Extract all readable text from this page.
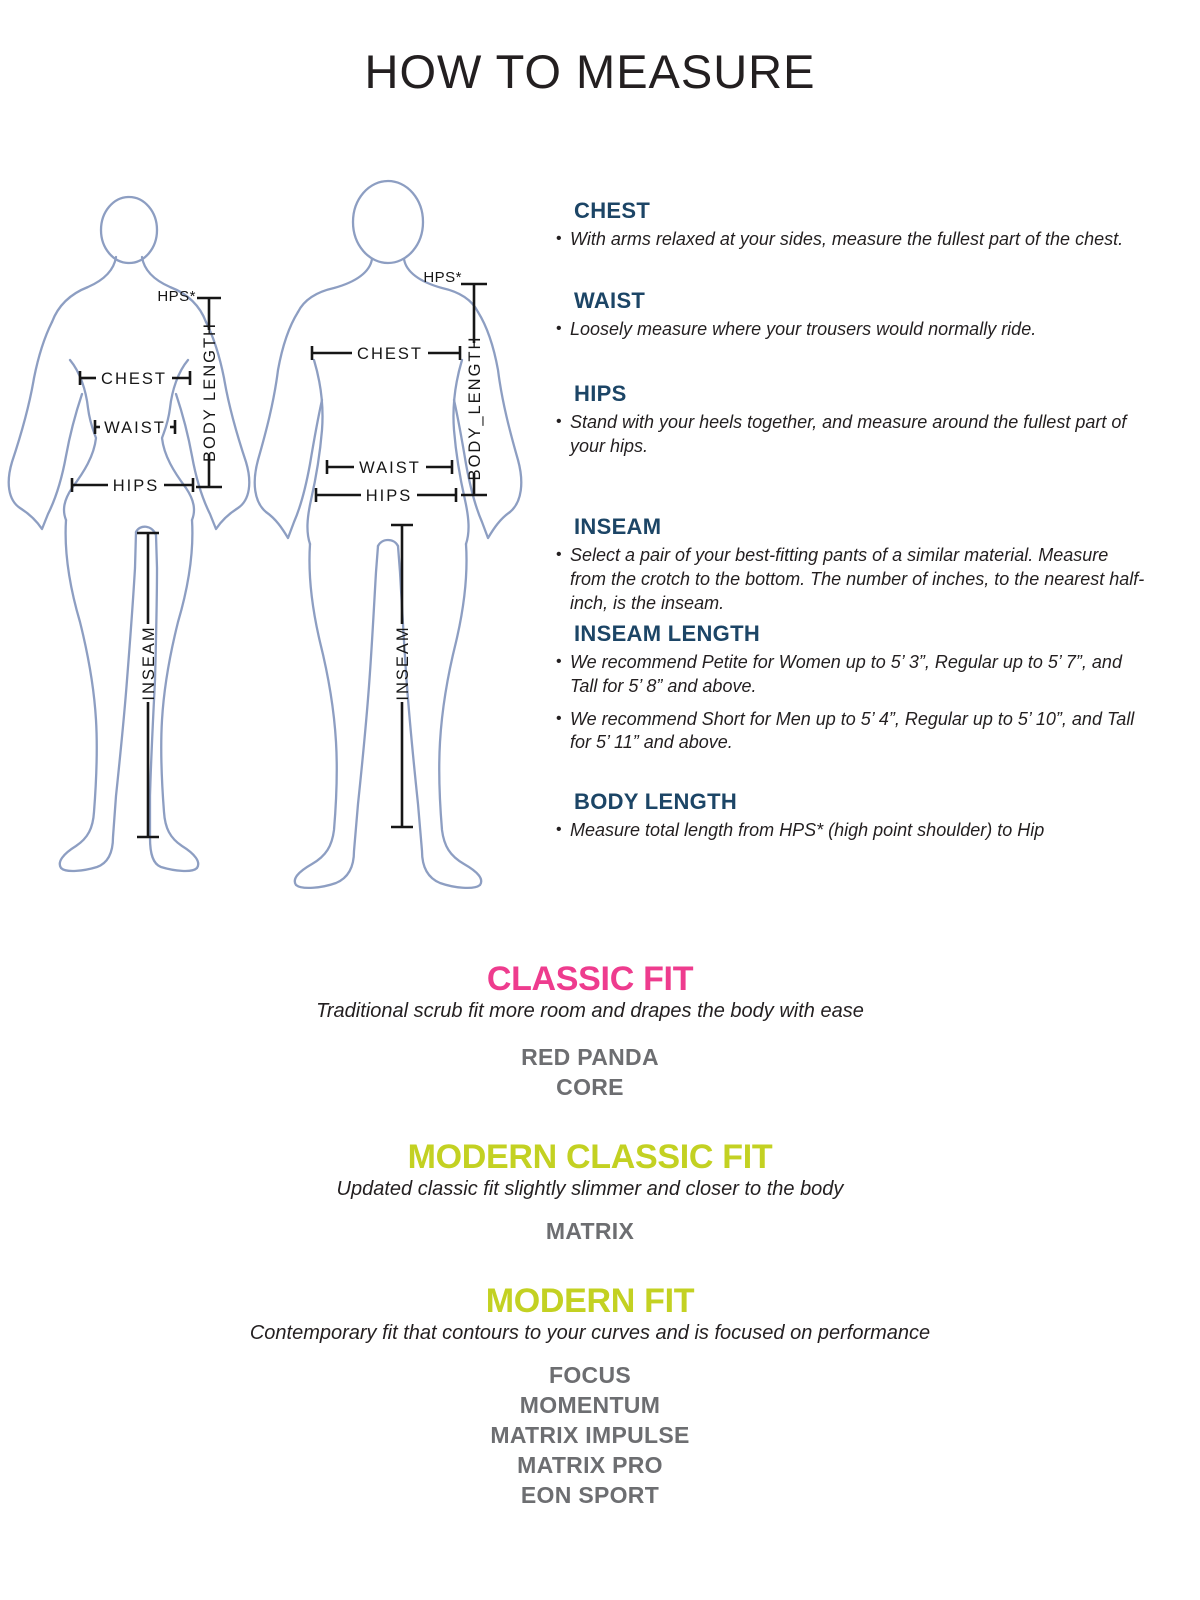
HOW TO MEASURE
HPS*
BODY LENGTH
CHEST
WAIST
HIPS
INSEAM
HPS*
BODY_LENGTH
CHEST
WAIST
HIPS
INSEAM
CHEST
• With arms relaxed at your sides, measure the fullest part of the chest.
WAIST
• Loosely measure where your trousers would normally ride.
HIPS
• Stand with your heels together, and measure around the fullest part of your hips.
INSEAM
• Select a pair of your best-fitting pants of a similar material. Measure from the crotch to the bottom. The number of inches, to the nearest half-inch, is the inseam.
INSEAM LENGTH
• We recommend Petite for Women up to 5’ 3”, Regular up to 5’ 7”, and Tall for 5’ 8” and above.
• We recommend Short for Men up to 5’ 4”, Regular up to 5’ 10”, and Tall for 5’ 11” and above.
BODY LENGTH
• Measure total length from HPS* (high point shoulder) to Hip
CLASSIC FIT

Traditional scrub fit more room and drapes the body with ease

RED PANDA
CORE
MODERN CLASSIC FIT

Updated classic fit slightly slimmer and closer to the body

MATRIX
MODERN FIT

Contemporary fit that contours to your curves and is focused on performance

FOCUS
MOMENTUM
MATRIX IMPULSE
MATRIX PRO
EON SPORT
